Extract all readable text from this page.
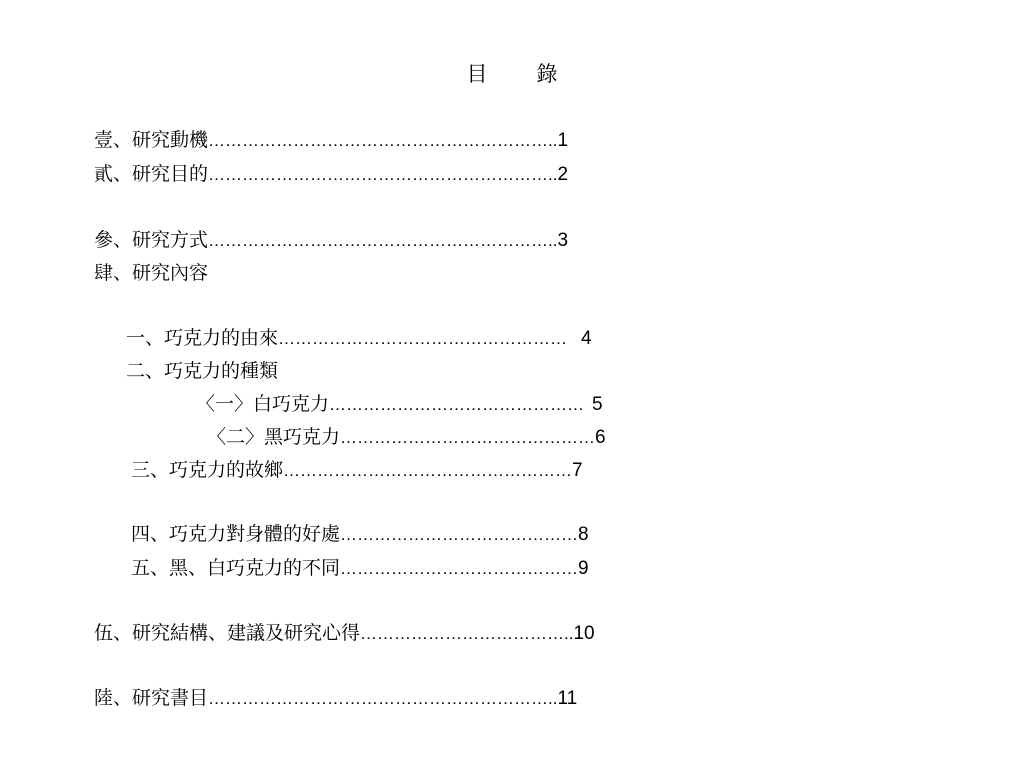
目　錄
壹、研究動機……………………………………………………..1
貳、研究目的……………………………………………………..2
參、研究方式……………………………………………………..3
肆、研究內容
一、巧克力的由來…………………………………………… 4
二、巧克力的種類
〈一〉白巧克力……………………………………… 5
〈二〉黑巧克力………………………………………6
三、巧克力的故鄉……………………………………………7
四、巧克力對身體的好處……………………………………8
五、黑、白巧克力的不同……………………………………9
伍、研究結構、建議及研究心得………………………………..10
陸、研究書目……………………………………………………..11
